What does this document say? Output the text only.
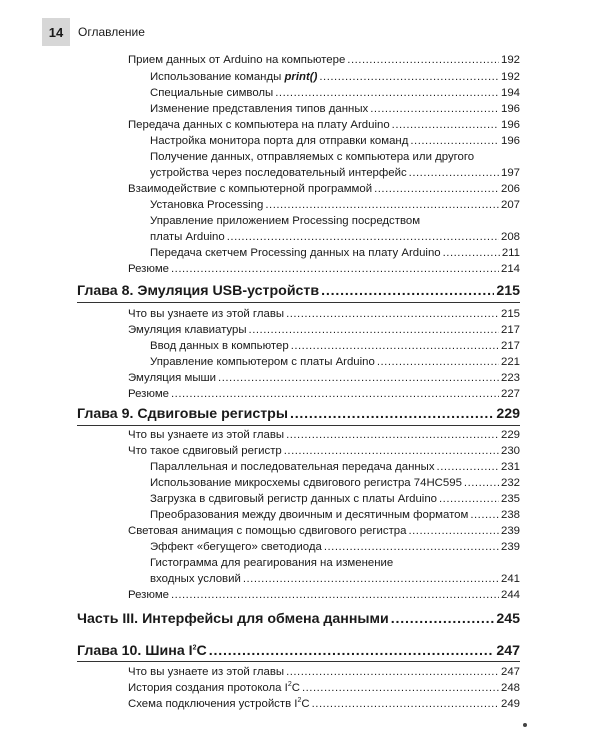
14	Оглавление
Прием данных от Arduino на компьютере .....	192
Использование команды print() .....	192
Специальные символы .....	194
Изменение представления типов данных .....	196
Передача данных с компьютера на плату Arduino .....	196
Настройка монитора порта для отправки команд .....	196
Получение данных, отправляемых с компьютера или другого
устройства через последовательный интерфейс .....	197
Взаимодействие с компьютерной программой .....	206
Установка Processing .....	207
Управление приложением Processing посредством
платы Arduino .....	208
Передача скетчем Processing данных на плату Arduino .....	211
Резюме .....	214
Глава 8. Эмуляция USB-устройств .....	215
Что вы узнаете из этой главы .....	215
Эмуляция клавиатуры .....	217
Ввод данных в компьютер .....	217
Управление компьютером с платы Arduino .....	221
Эмуляция мыши .....	223
Резюме .....	227
Глава 9. Сдвиговые регистры .....	229
Что вы узнаете из этой главы .....	229
Что такое сдвиговый регистр .....	230
Параллельная и последовательная передача данных .....	231
Использование микросхемы сдвигового регистра 74HC595 .....	232
Загрузка в сдвиговый регистр данных с платы Arduino .....	235
Преобразования между двоичным и десятичным форматом .....	238
Световая анимация с помощью сдвигового регистра .....	239
Эффект «бегущего» светодиода .....	239
Гистограмма для реагирования на изменение
входных условий .....	241
Резюме .....	244
Часть III. Интерфейсы для обмена данными .....	245
Глава 10. Шина $I^2C$ .....	247
Что вы узнаете из этой главы .....	247
История создания протокола $I^2C$ .....	248
Схема подключения устройств $I^2C$ .....	249
